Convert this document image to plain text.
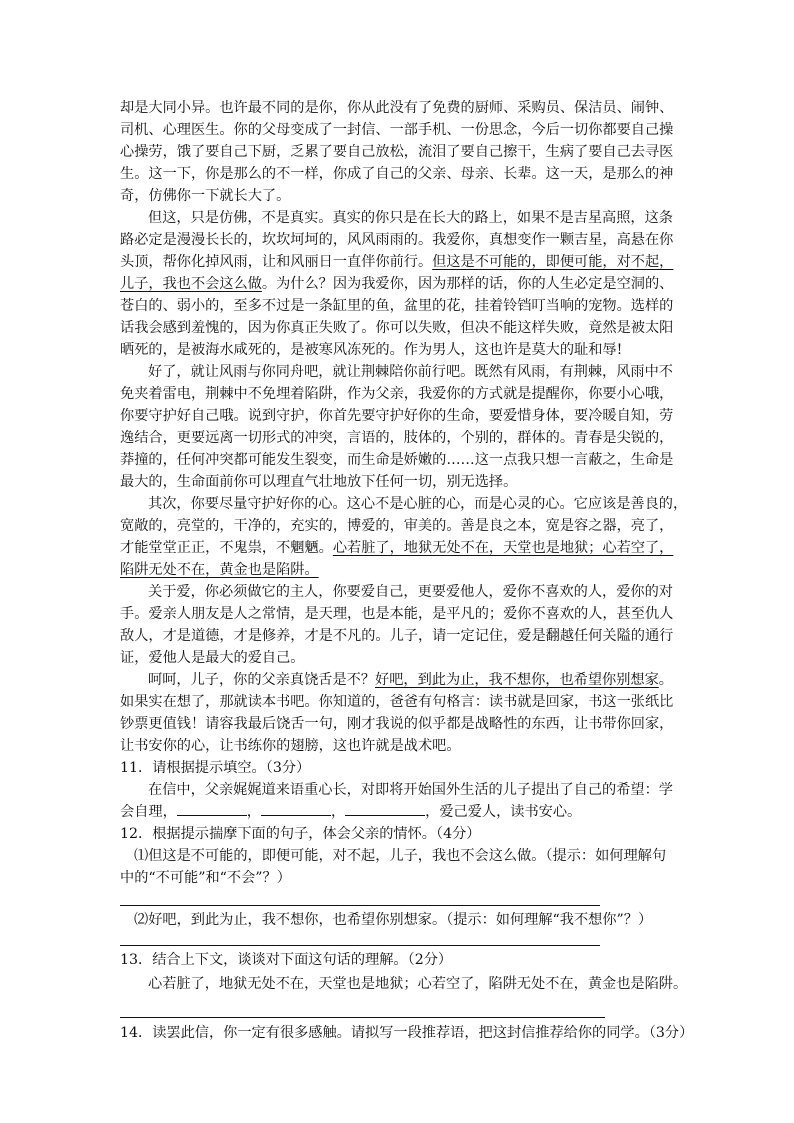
却是大同小异。也许最不同的是你，你从此没有了免费的厨师、采购员、保洁员、闹钟、
司机、心理医生。你的父母变成了一封信、一部手机、一份思念，今后一切你都要自己操
心操劳，饿了要自己下厨，乏累了要自己放松，流泪了要自己擦干，生病了要自己去寻医
生。这一下，你是那么的不一样，你成了自己的父亲、母亲、长辈。这一天，是那么的神
奇，仿佛你一下就长大了。
但这，只是仿佛，不是真实。真实的你只是在长大的路上，如果不是吉星高照，这条
路必定是漫漫长长的，坎坎坷坷的，风风雨雨的。我爱你，真想变作一颗吉星，高悬在你
头顶，帮你化掉风雨，让和风丽日一直伴你前行。但这是不可能的，即便可能，对不起，
儿子，我也不会这么做。为什么？因为我爱你，因为那样的话，你的人生必定是空洞的、
苍白的、弱小的，至多不过是一条缸里的鱼，盆里的花，挂着铃铛叮当响的宠物。选样的
话我会感到羞愧的，因为你真正失败了。你可以失败，但决不能这样失败，竟然是被太阳
晒死的，是被海水咸死的，是被寒风冻死的。作为男人，这也许是莫大的耻和辱!
好了，就让风雨与你同舟吧，就让荆棘陪你前行吧。既然有风雨，有荆棘，风雨中不
免夹着雷电，荆棘中不免埋着陷阱，作为父亲，我爱你的方式就是提醒你，你要小心哦，
你要守护好自己哦。说到守护，你首先要守护好你的生命，要爱惜身体，要冷暖自知，劳
逸结合，更要远离一切形式的冲突，言语的，肢体的，个别的，群体的。青春是尖锐的，
莽撞的，任何冲突都可能发生裂变，而生命是娇嫩的……这一点我只想一言蔽之，生命是
最大的，生命面前你可以理直气壮地放下任何一切，别无选择。
其次，你要尽量守护好你的心。这心不是心脏的心，而是心灵的心。它应该是善良的，
宽敞的，亮堂的，干净的，充实的，博爱的，审美的。善是良之本，宽是容之器，亮了，
才能堂堂正正，不鬼祟，不魍魉。心若脏了，地狱无处不在，天堂也是地狱；心若空了，
陷阱无处不在，黄金也是陷阱。
关于爱，你必须做它的主人，你要爱自己，更要爱他人，爱你不喜欢的人，爱你的对
手。爱亲人朋友是人之常情，是天理，也是本能，是平凡的；爱你不喜欢的人，甚至仇人
敌人，才是道德，才是修养，才是不凡的。儿子，请一定记住，爱是翻越任何关隘的通行
证，爱他人是最大的爱自己。
呵呵，儿子，你的父亲真饶舌是不？好吧，到此为止，我不想你，也希望你别想家。
如果实在想了，那就读本书吧。你知道的，爸爸有句格言：读书就是回家，书这一张纸比
钞票更值钱！请容我最后饶舌一句，刚才我说的似乎都是战略性的东西，让书带你回家，
让书安你的心，让书练你的翅膀，这也许就是战术吧。
11．请根据提示填空。（3分）
在信中，父亲娓娓道来语重心长，对即将开始国外生活的儿子提出了自己的希望：学
会自理，	，	，	，爱己爱人，读书安心。
12．根据提示揣摩下面的句子，体会父亲的情怀。（4分）
⑴但这是不可能的，即便可能，对不起，儿子，我也不会这么做。（提示：如何理解句
中的“不可能”和“不会”？）
⑵好吧，到此为止，我不想你，也希望你别想家。（提示：如何理解“我不想你”？）
13．结合上下文，谈谈对下面这句话的理解。（2分）
心若脏了，地狱无处不在，天堂也是地狱；心若空了，陷阱无处不在，黄金也是陷阱。
14．读罢此信，你一定有很多感触。请拟写一段推荐语，把这封信推荐给你的同学。（3分）
